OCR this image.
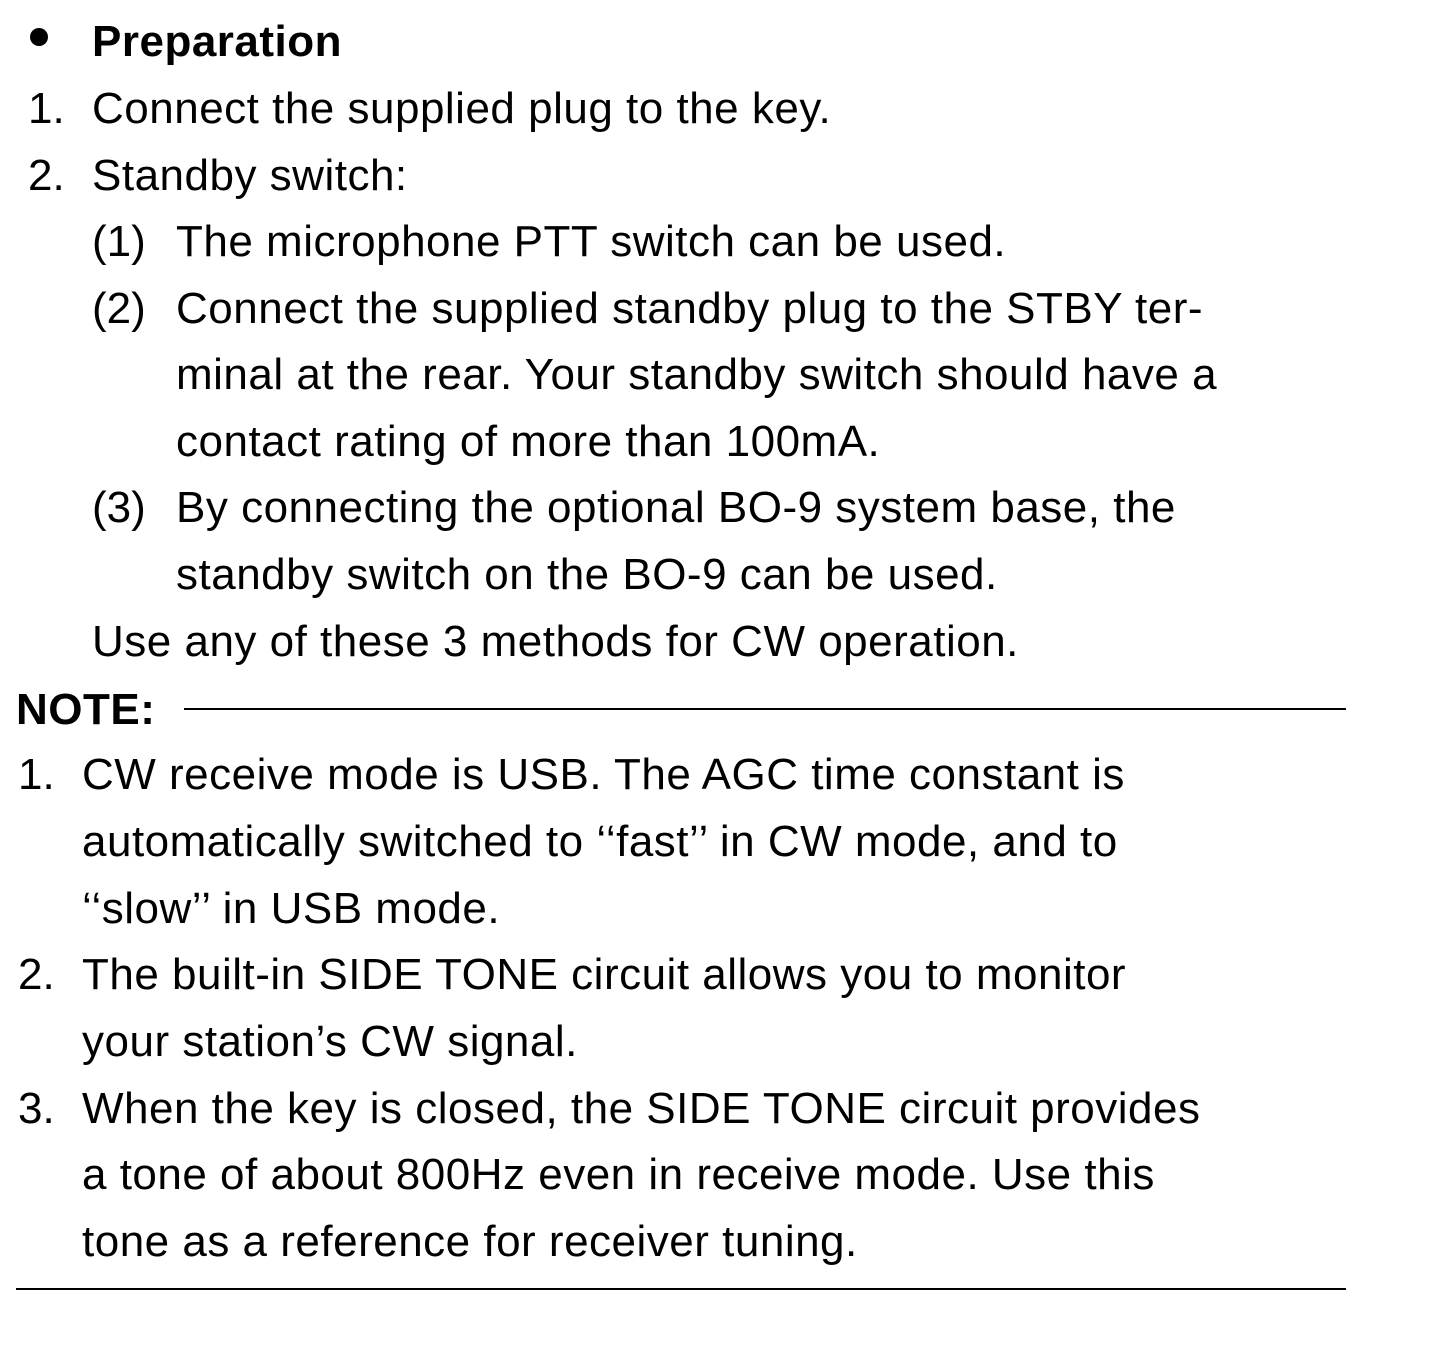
Preparation
1. Connect the supplied plug to the key.
2. Standby switch:
(1) The microphone PTT switch can be used.
(2) Connect the supplied standby plug to the STBY ter-
minal at the rear. Your standby switch should have a
contact rating of more than 100mA.
(3) By connecting the optional BO-9 system base, the
standby switch on the BO-9 can be used.
Use any of these 3 methods for CW operation.
NOTE:
1. CW receive mode is USB. The AGC time constant is
automatically switched to ‘‘fast’’ in CW mode, and to
‘‘slow’’ in USB mode.
2. The built-in SIDE TONE circuit allows you to monitor
your station’s CW signal.
3. When the key is closed, the SIDE TONE circuit provides
a tone of about 800Hz even in receive mode. Use this
tone as a reference for receiver tuning.
